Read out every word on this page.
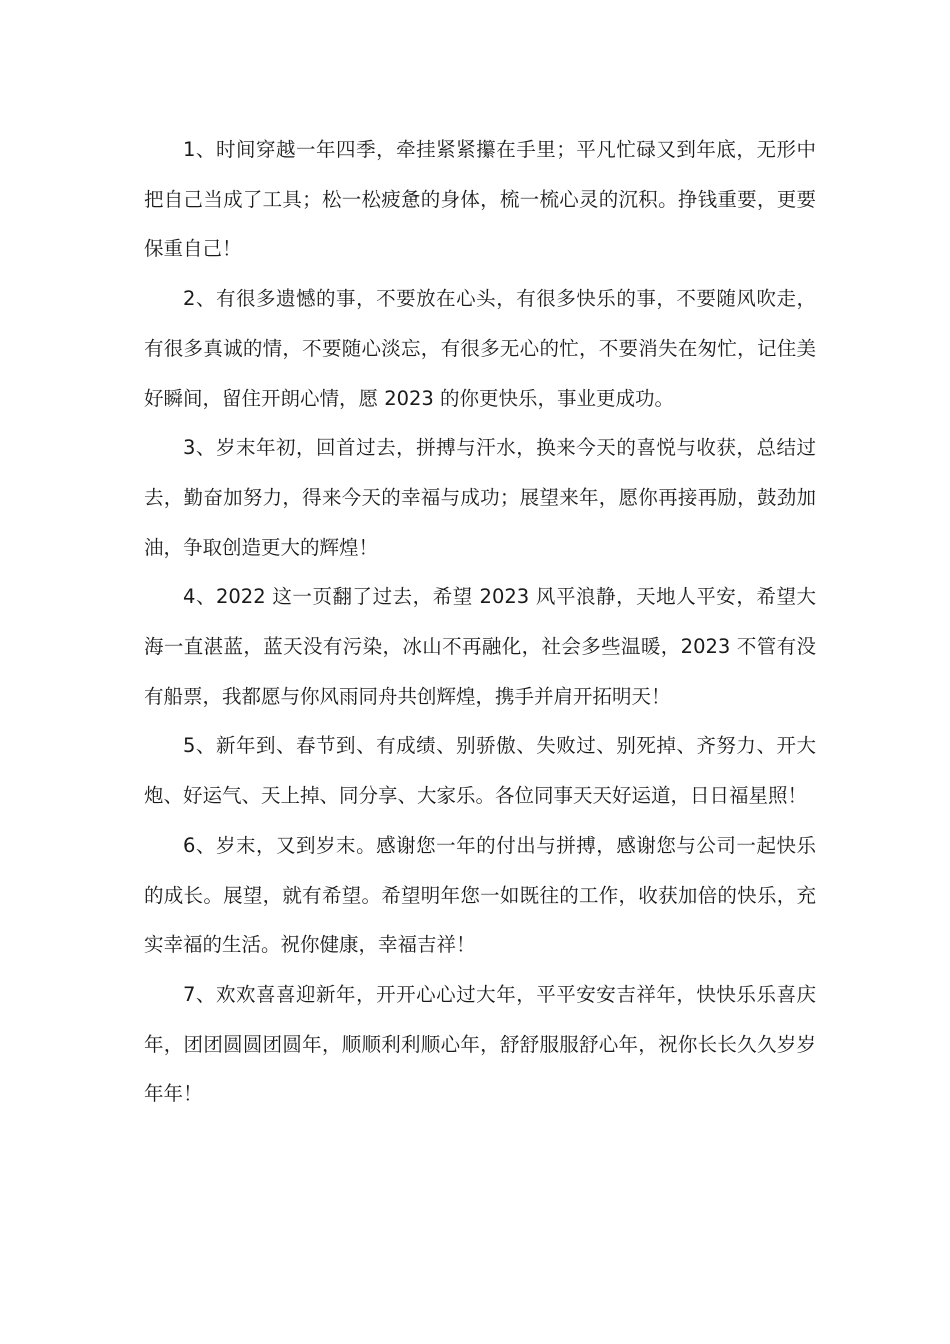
1、时间穿越一年四季，牵挂紧紧攥在手里；平凡忙碌又到年底，无形中把自己当成了工具；松一松疲惫的身体，梳一梳心灵的沉积。挣钱重要，更要保重自己！

2、有很多遗憾的事，不要放在心头，有很多快乐的事，不要随风吹走，有很多真诚的情，不要随心淡忘，有很多无心的忙，不要消失在匆忙，记住美好瞬间，留住开朗心情，愿 2023 的你更快乐，事业更成功。

3、岁末年初，回首过去，拼搏与汗水，换来今天的喜悦与收获，总结过去，勤奋加努力，得来今天的幸福与成功；展望来年，愿你再接再励，鼓劲加油，争取创造更大的辉煌！

4、2022 这一页翻了过去，希望 2023 风平浪静，天地人平安，希望大海一直湛蓝，蓝天没有污染，冰山不再融化，社会多些温暖，2023 不管有没有船票，我都愿与你风雨同舟共创辉煌，携手并肩开拓明天！

5、新年到、春节到、有成绩、别骄傲、失败过、别死掉、齐努力、开大炮、好运气、天上掉、同分享、大家乐。各位同事天天好运道，日日福星照！

6、岁末，又到岁末。感谢您一年的付出与拼搏，感谢您与公司一起快乐的成长。展望，就有希望。希望明年您一如既往的工作，收获加倍的快乐，充实幸福的生活。祝你健康，幸福吉祥！

7、欢欢喜喜迎新年，开开心心过大年，平平安安吉祥年，快快乐乐喜庆年，团团圆圆团圆年，顺顺利利顺心年，舒舒服服舒心年，祝你长长久久岁岁年年！
